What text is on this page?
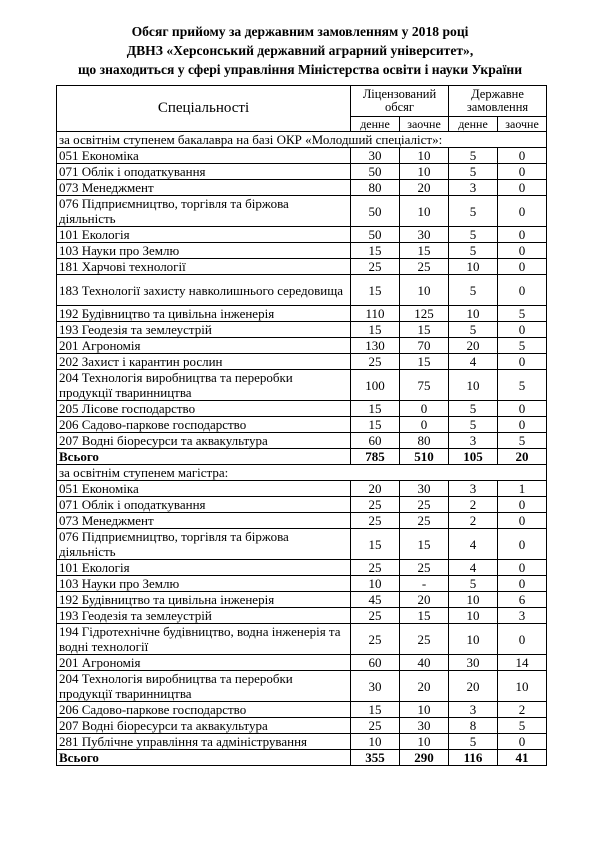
Обсяг прийому за державним замовленням у 2018 році
ДВНЗ «Херсонський державний аграрний університет»,
що знаходиться у сфері управління Міністерства освіти і науки України
Спеціальності	Ліцензований обсяг		Державне замовлення	
	денне	заочне	денне	заочне
за освітнім ступенем бакалавра на базі ОКР «Молодший спеціаліст»:				
051 Економіка	30	10	5	0
071 Облік і оподаткування	50	10	5	0
073 Менеджмент	80	20	3	0
076 Підприємництво, торгівля та біржова діяльність	50	10	5	0
101 Екологія	50	30	5	0
103 Науки про Землю	15	15	5	0
181 Харчові технології	25	25	10	0
183 Технології захисту навколишнього середовища	15	10	5	0
192 Будівництво та цивільна інженерія	110	125	10	5
193 Геодезія та землеустрій	15	15	5	0
201 Агрономія	130	70	20	5
202 Захист і карантин рослин	25	15	4	0
204 Технологія виробництва та переробки продукції тваринництва	100	75	10	5
205 Лісове господарство	15	0	5	0
206 Садово-паркове господарство	15	0	5	0
207 Водні біоресурси та аквакультура	60	80	3	5
Всього	785	510	105	20
за освітнім ступенем магістра:				
051 Економіка	20	30	3	1
071 Облік і оподаткування	25	25	2	0
073 Менеджмент	25	25	2	0
076 Підприємництво, торгівля та біржова діяльність	15	15	4	0
101 Екологія	25	25	4	0
103 Науки про Землю	10	-	5	0
192 Будівництво та цивільна інженерія	45	20	10	6
193 Геодезія та землеустрій	25	15	10	3
194 Гідротехнічне будівництво, водна інженерія та водні технології	25	25	10	0
201 Агрономія	60	40	30	14
204 Технологія виробництва та переробки продукції тваринництва	30	20	20	10
206 Садово-паркове господарство	15	10	3	2
207 Водні біоресурси та аквакультура	25	30	8	5
281 Публічне управління та адміністрування	10	10	5	0
Всього	355	290	116	41
